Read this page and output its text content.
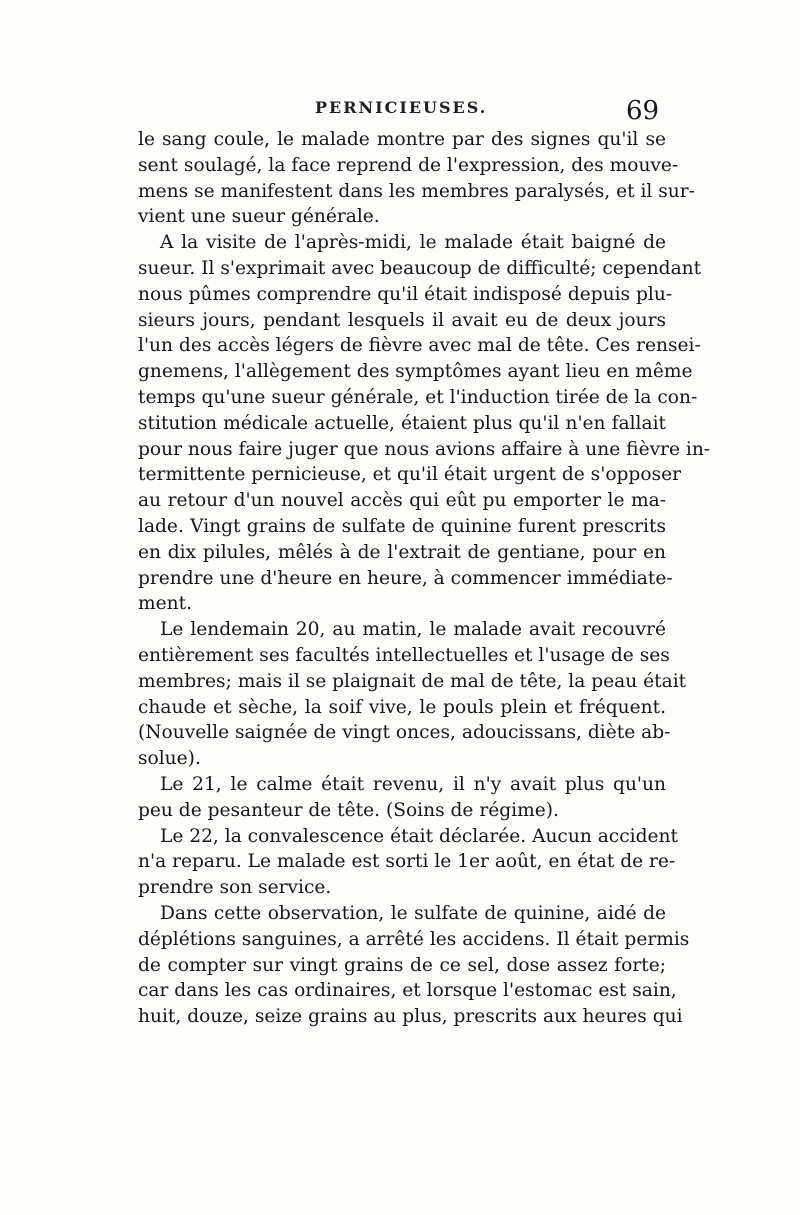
PERNICIEUSES.	69
le sang coule, le malade montre par des signes qu'il se
sent soulagé, la face reprend de l'expression, des mouve-
mens se manifestent dans les membres paralysés, et il sur-
vient une sueur générale.
A la visite de l'après-midi, le malade était baigné de
sueur. Il s'exprimait avec beaucoup de difficulté; cependant
nous pûmes comprendre qu'il était indisposé depuis plu-
sieurs jours, pendant lesquels il avait eu de deux jours
l'un des accès légers de fièvre avec mal de tête. Ces rensei-
gnemens, l'allègement des symptômes ayant lieu en même
temps qu'une sueur générale, et l'induction tirée de la con-
stitution médicale actuelle, étaient plus qu'il n'en fallait
pour nous faire juger que nous avions affaire à une fièvre in-
termittente pernicieuse, et qu'il était urgent de s'opposer
au retour d'un nouvel accès qui eût pu emporter le ma-
lade. Vingt grains de sulfate de quinine furent prescrits
en dix pilules, mêlés à de l'extrait de gentiane, pour en
prendre une d'heure en heure, à commencer immédiate-
ment.
Le lendemain 20, au matin, le malade avait recouvré
entièrement ses facultés intellectuelles et l'usage de ses
membres; mais il se plaignait de mal de tête, la peau était
chaude et sèche, la soif vive, le pouls plein et fréquent.
(Nouvelle saignée de vingt onces, adoucissans, diète ab-
solue).
Le 21, le calme était revenu, il n'y avait plus qu'un
peu de pesanteur de tête. (Soins de régime).
Le 22, la convalescence était déclarée. Aucun accident
n'a reparu. Le malade est sorti le 1er août, en état de re-
prendre son service.
Dans cette observation, le sulfate de quinine, aidé de
déplétions sanguines, a arrêté les accidens. Il était permis
de compter sur vingt grains de ce sel, dose assez forte;
car dans les cas ordinaires, et lorsque l'estomac est sain,
huit, douze, seize grains au plus, prescrits aux heures qui
